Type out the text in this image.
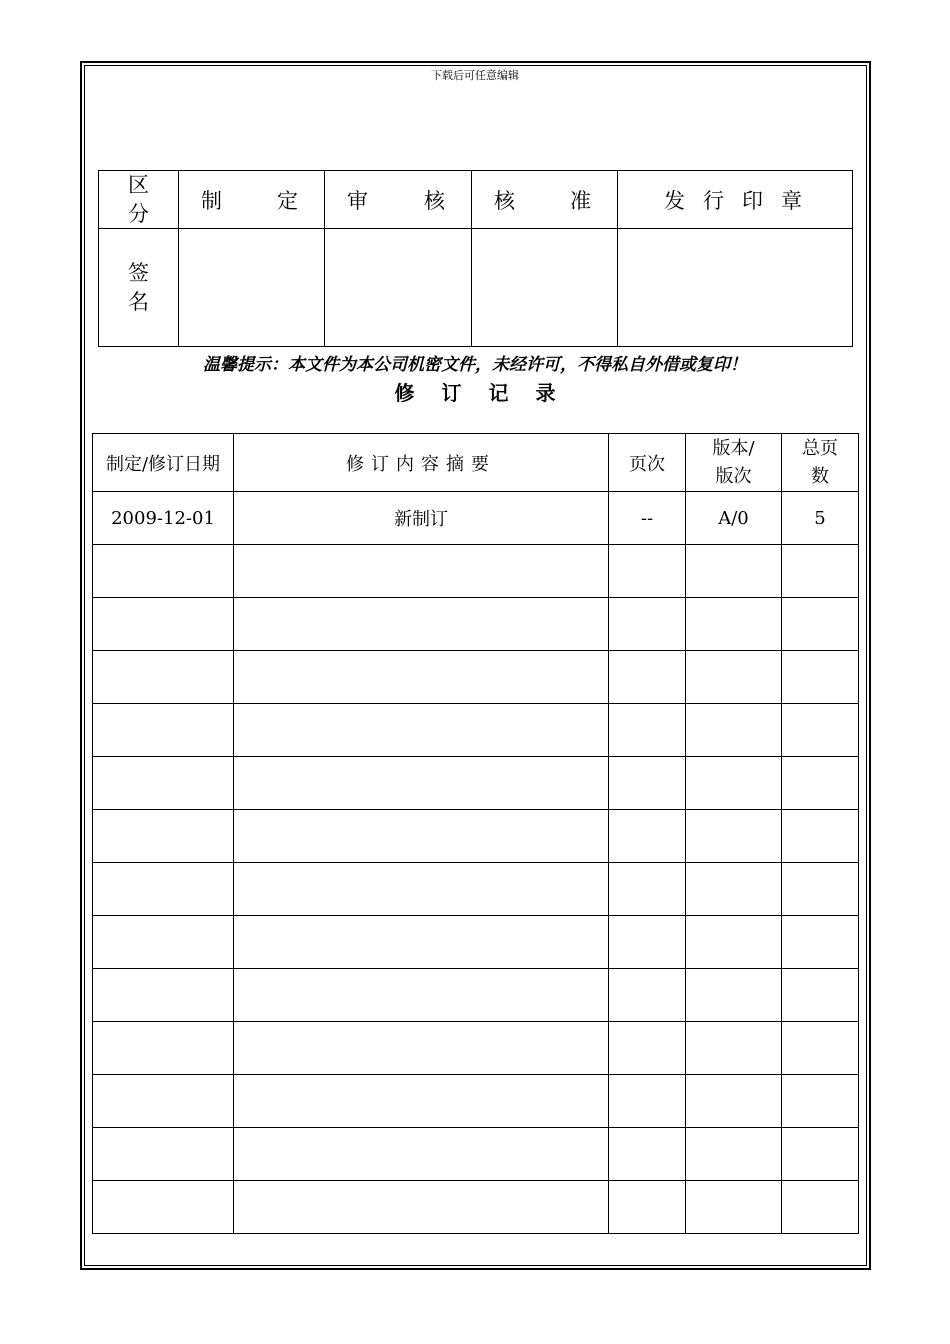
下载后可任意编辑
区分	制 定	审 核	核 准	发 行 印 章

签名				
温馨提示：本文件为本公司机密文件，未经许可，不得私自外借或复印！
修订记录
制定/修订日期	修订内容摘要	页次	版本/版次	总页数
2009-12-01	新制订	--	A/0	5
